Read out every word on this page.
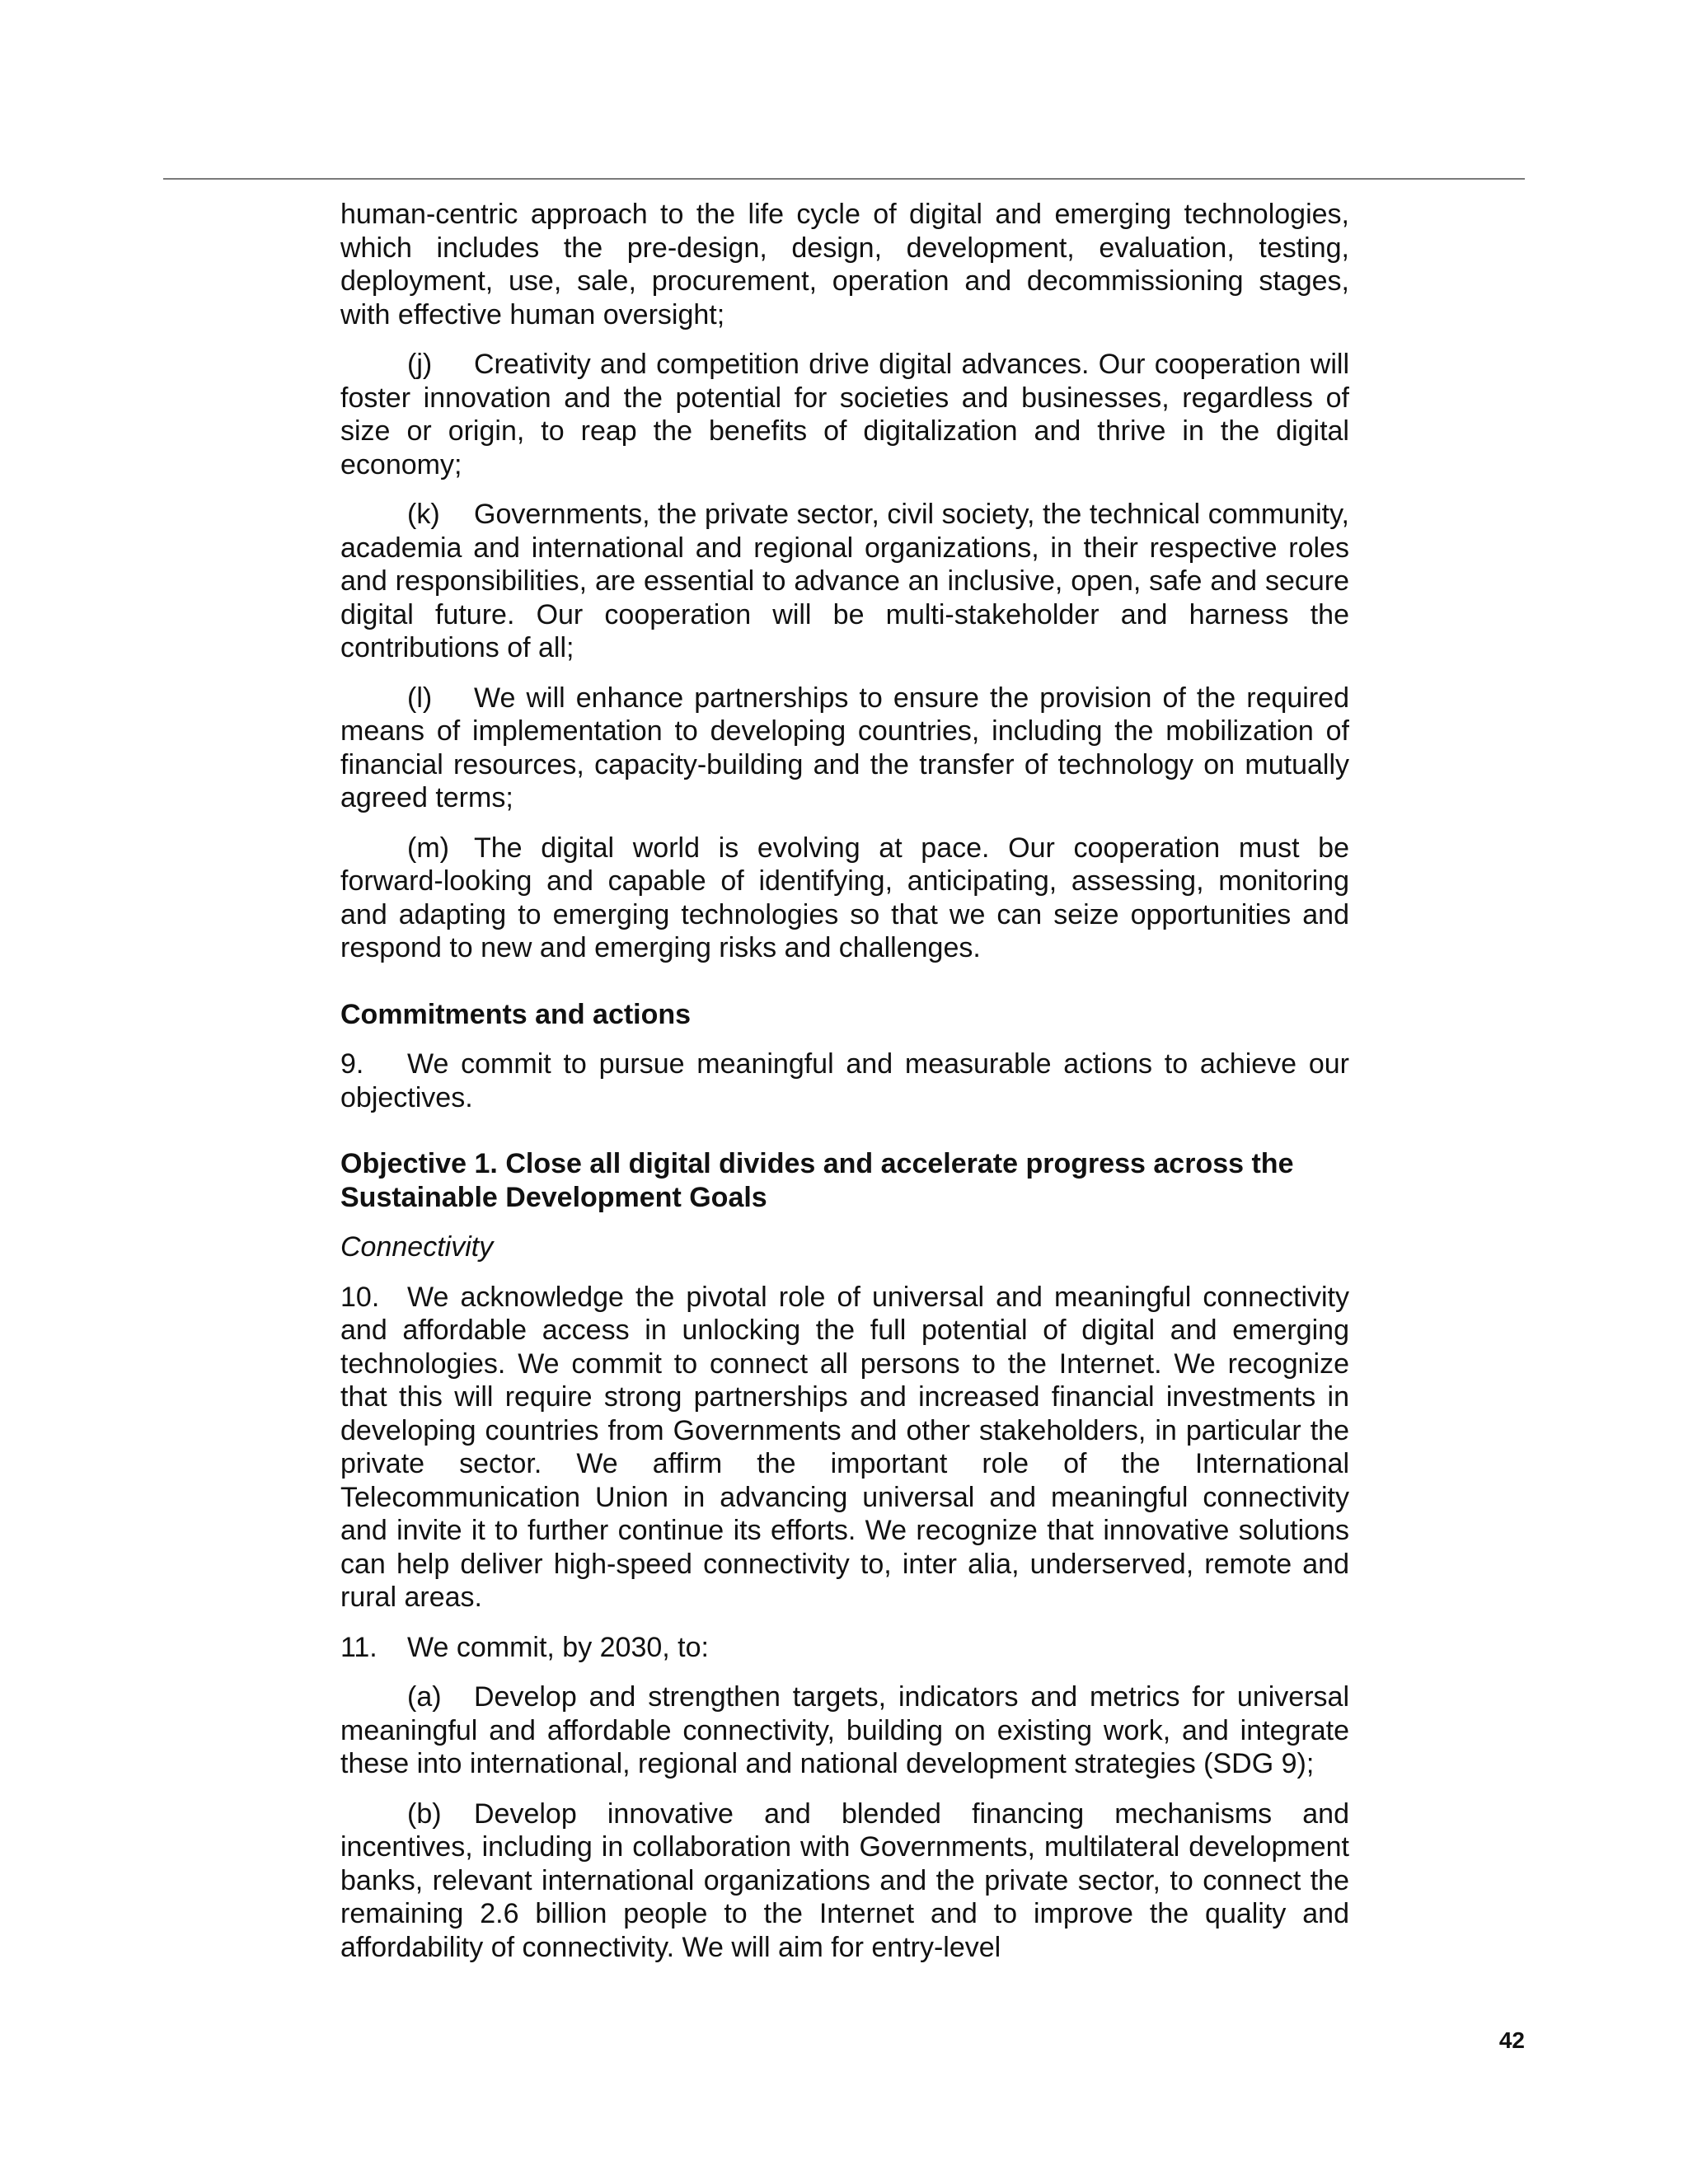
human-centric approach to the life cycle of digital and emerging technologies, which includes the pre-design, design, development, evaluation, testing, deployment, use, sale, procurement, operation and decommissioning stages, with effective human oversight;

(j) Creativity and competition drive digital advances. Our cooperation will foster innovation and the potential for societies and businesses, regardless of size or origin, to reap the benefits of digitalization and thrive in the digital economy;

(k) Governments, the private sector, civil society, the technical community, academia and international and regional organizations, in their respective roles and responsibilities, are essential to advance an inclusive, open, safe and secure digital future. Our cooperation will be multi-stakeholder and harness the contributions of all;

(l) We will enhance partnerships to ensure the provision of the required means of implementation to developing countries, including the mobilization of financial resources, capacity-building and the transfer of technology on mutually agreed terms;

(m) The digital world is evolving at pace. Our cooperation must be forward-looking and capable of identifying, anticipating, assessing, monitoring and adapting to emerging technologies so that we can seize opportunities and respond to new and emerging risks and challenges.

Commitments and actions

9. We commit to pursue meaningful and measurable actions to achieve our objectives.

Objective 1. Close all digital divides and accelerate progress across the Sustainable Development Goals

Connectivity

10. We acknowledge the pivotal role of universal and meaningful connectivity and affordable access in unlocking the full potential of digital and emerging technologies. We commit to connect all persons to the Internet. We recognize that this will require strong partnerships and increased financial investments in developing countries from Governments and other stakeholders, in particular the private sector. We affirm the important role of the International Telecommunication Union in advancing universal and meaningful connectivity and invite it to further continue its efforts. We recognize that innovative solutions can help deliver high-speed connectivity to, inter alia, underserved, remote and rural areas.

11. We commit, by 2030, to:

(a) Develop and strengthen targets, indicators and metrics for universal meaningful and affordable connectivity, building on existing work, and integrate these into international, regional and national development strategies (SDG 9);

(b) Develop innovative and blended financing mechanisms and incentives, including in collaboration with Governments, multilateral development banks, relevant international organizations and the private sector, to connect the remaining 2.6 billion people to the Internet and to improve the quality and affordability of connectivity. We will aim for entry-level

42
